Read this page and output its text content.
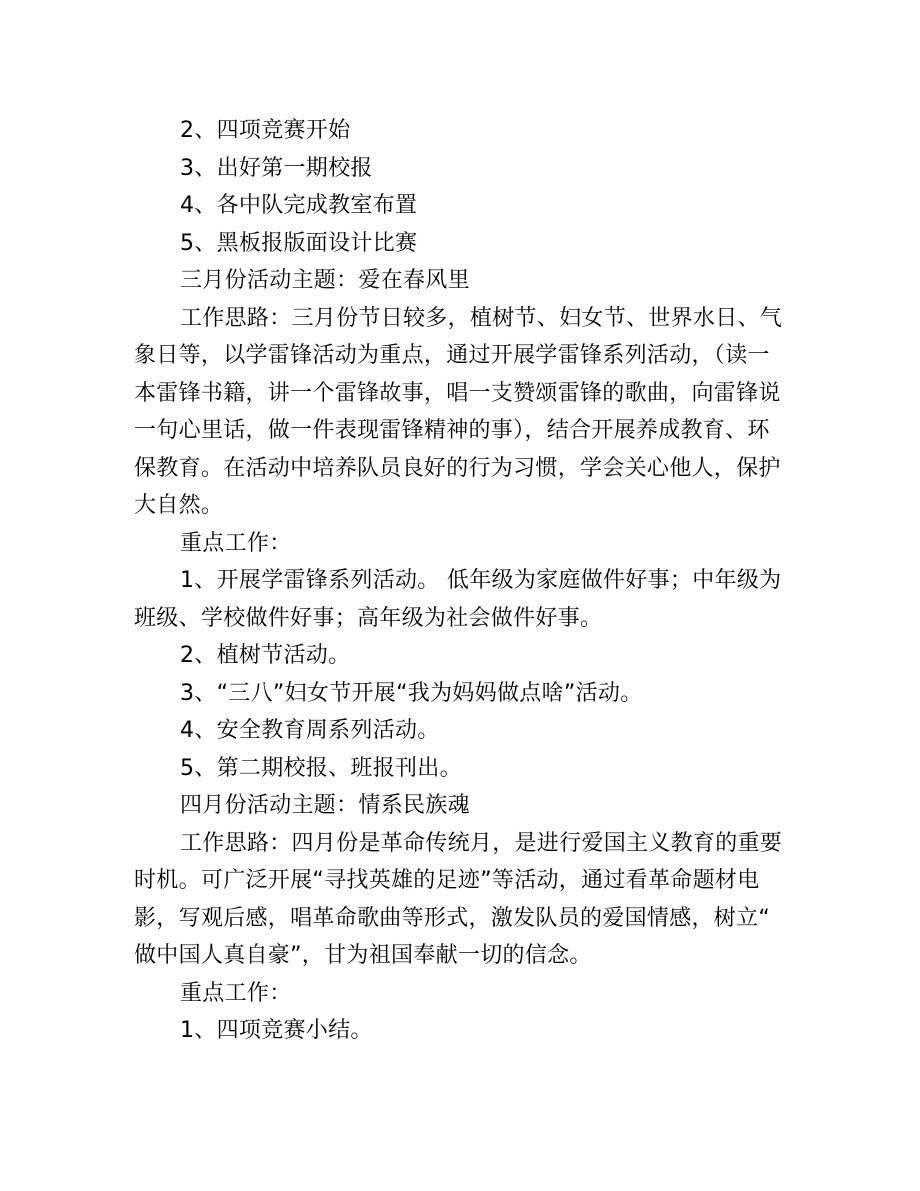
2、四项竞赛开始
3、出好第一期校报
4、各中队完成教室布置
5、黑板报版面设计比赛
三月份活动主题：爱在春风里
工作思路：三月份节日较多，植树节、妇女节、世界水日、气
象日等，以学雷锋活动为重点，通过开展学雷锋系列活动，（读一
本雷锋书籍，讲一个雷锋故事，唱一支赞颂雷锋的歌曲，向雷锋说
一句心里话，做一件表现雷锋精神的事），结合开展养成教育、环
保教育。在活动中培养队员良好的行为习惯，学会关心他人，保护
大自然。
重点工作：
1、开展学雷锋系列活动。 低年级为家庭做件好事；中年级为
班级、学校做件好事；高年级为社会做件好事。
2、植树节活动。
3、“三八”妇女节开展“我为妈妈做点啥”活动。
4、安全教育周系列活动。
5、第二期校报、班报刊出。
四月份活动主题：情系民族魂
工作思路：四月份是革命传统月，是进行爱国主义教育的重要
时机。可广泛开展“寻找英雄的足迹”等活动，通过看革命题材电
影，写观后感，唱革命歌曲等形式，激发队员的爱国情感，树立“
做中国人真自豪”，甘为祖国奉献一切的信念。
重点工作：
1、四项竞赛小结。
